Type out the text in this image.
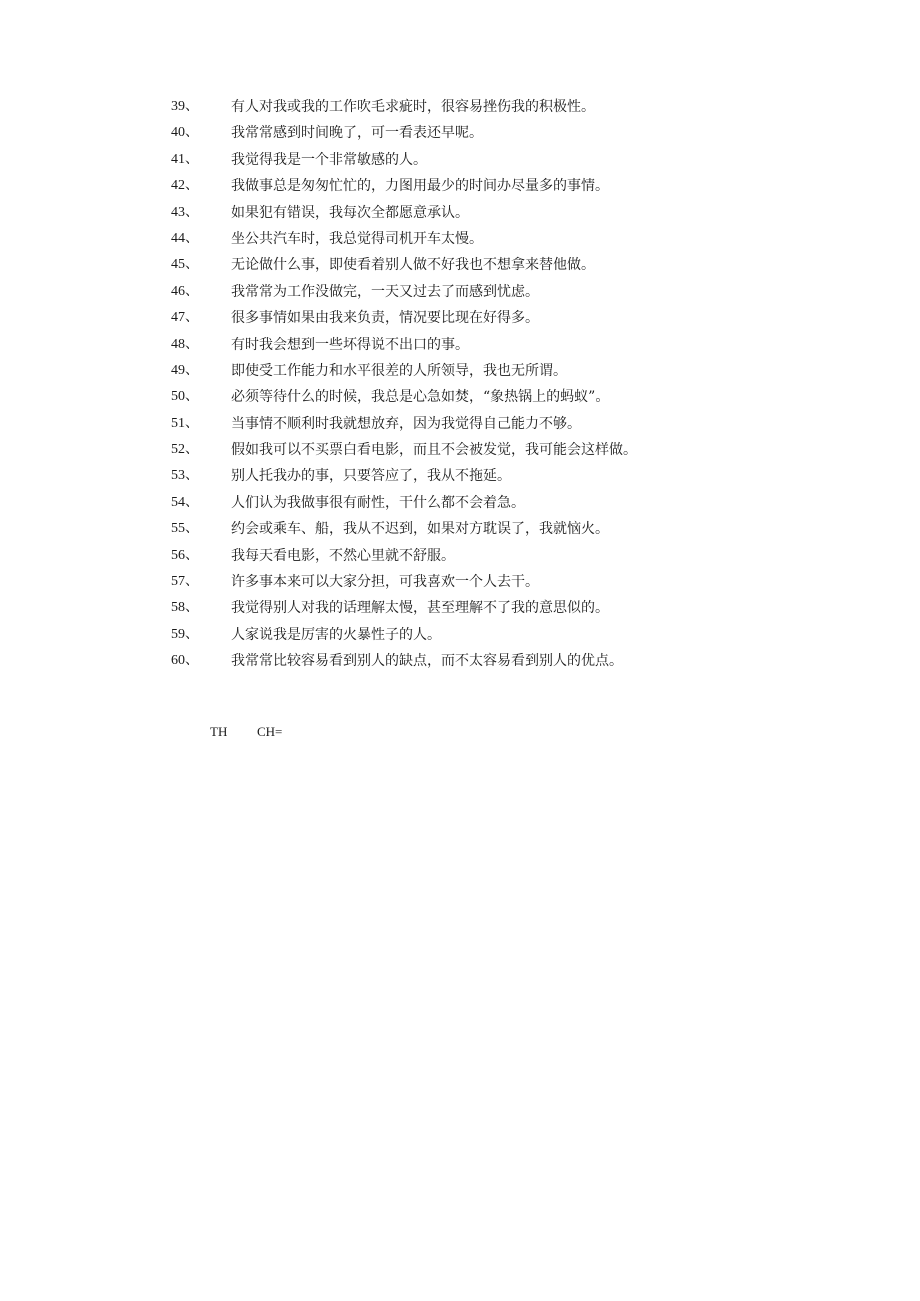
39、	有人对我或我的工作吹毛求疵时，很容易挫伤我的积极性。
40、	我常常感到时间晚了，可一看表还早呢。
41、	我觉得我是一个非常敏感的人。
42、	我做事总是匆匆忙忙的，力图用最少的时间办尽量多的事情。
43、	如果犯有错误，我每次全都愿意承认。
44、	坐公共汽车时，我总觉得司机开车太慢。
45、	无论做什么事，即使看着别人做不好我也不想拿来替他做。
46、	我常常为工作没做完，一天又过去了而感到忧虑。
47、	很多事情如果由我来负责，情况要比现在好得多。
48、	有时我会想到一些坏得说不出口的事。
49、	即使受工作能力和水平很差的人所领导，我也无所谓。
50、	必须等待什么的时候，我总是心急如焚，“象热锅上的蚂蚁”。
51、	当事情不顺利时我就想放弃，因为我觉得自己能力不够。
52、	假如我可以不买票白看电影，而且不会被发觉，我可能会这样做。
53、	别人托我办的事，只要答应了，我从不拖延。
54、	人们认为我做事很有耐性，干什么都不会着急。
55、	约会或乘车、船，我从不迟到，如果对方耽误了，我就恼火。
56、	我每天看电影，不然心里就不舒服。
57、	许多事本来可以大家分担，可我喜欢一个人去干。
58、	我觉得别人对我的话理解太慢，甚至理解不了我的意思似的。
59、	人家说我是厉害的火暴性子的人。
60、	我常常比较容易看到别人的缺点，而不太容易看到别人的优点。
TH CH=
